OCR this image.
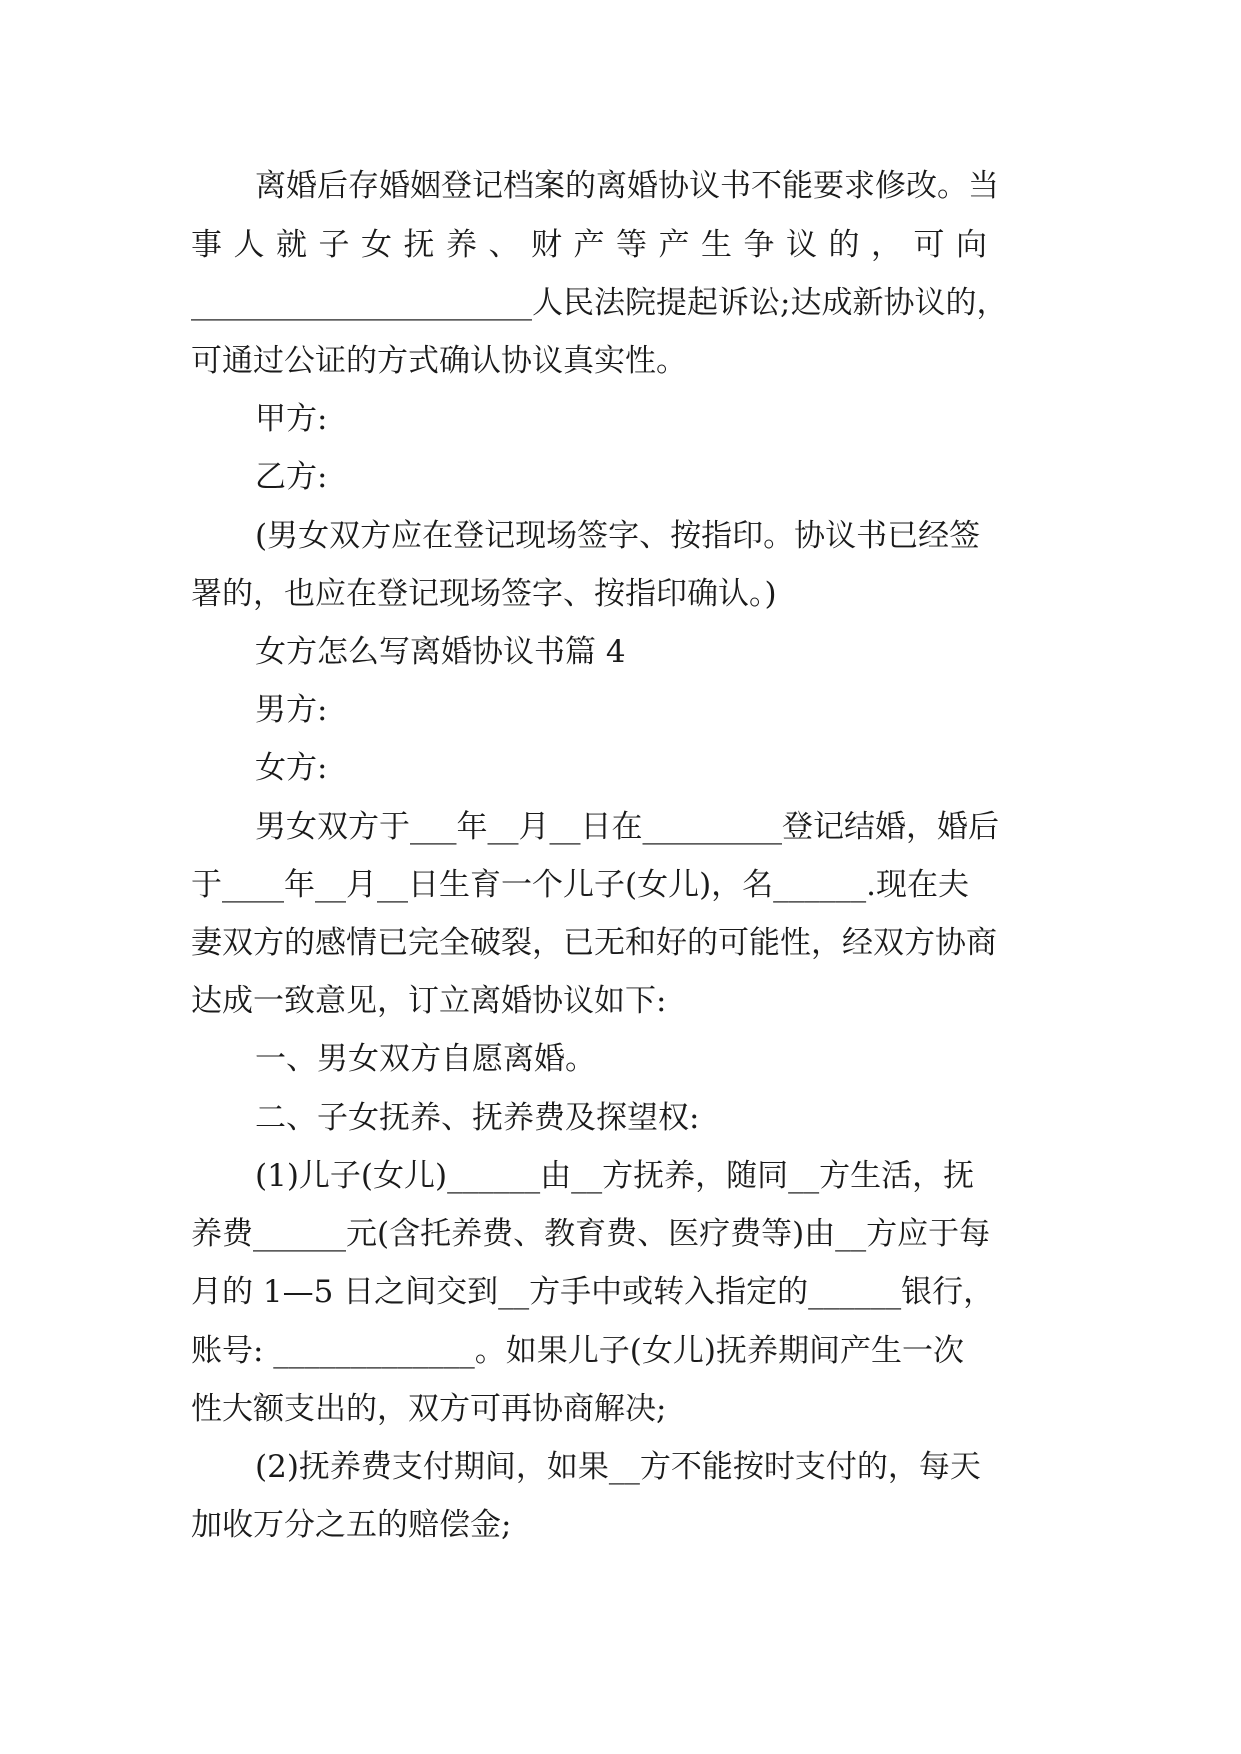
离婚后存婚姻登记档案的离婚协议书不能要求修改。当
事人就子女抚养、财产等产生争议的，可向
______________________人民法院提起诉讼;达成新协议的，
可通过公证的方式确认协议真实性。
甲方:
乙方:
(男女双方应在登记现场签字、按指印。协议书已经签
署的，也应在登记现场签字、按指印确认。)
女方怎么写离婚协议书篇 4
男方:
女方:
男女双方于___年__月__日在_________登记结婚，婚后
于____年__月__日生育一个儿子(女儿)，名______.现在夫
妻双方的感情已完全破裂，已无和好的可能性，经双方协商
达成一致意见，订立离婚协议如下:
一、男女双方自愿离婚。
二、子女抚养、抚养费及探望权:
(1)儿子(女儿)______由__方抚养，随同__方生活，抚
养费______元(含托养费、教育费、医疗费等)由__方应于每
月的 1—5 日之间交到__方手中或转入指定的______银行，
账号: _____________。如果儿子(女儿)抚养期间产生一次
性大额支出的，双方可再协商解决;
(2)抚养费支付期间，如果__方不能按时支付的，每天
加收万分之五的赔偿金;
